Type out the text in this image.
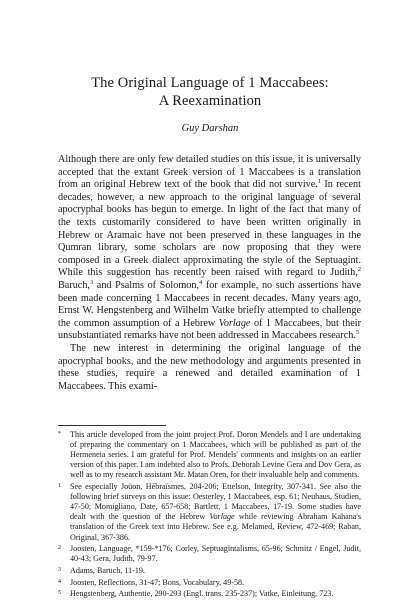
The Original Language of 1 Maccabees:
A Reexamination
Guy Darshan

Although there are only few detailed studies on this issue, it is universally accepted that the extant Greek version of 1 Maccabees is a translation from an original Hebrew text of the book that did not survive.$^1$ In recent decades, however, a new approach to the original language of several apocryphal books has begun to emerge. In light of the fact that many of the texts customarily considered to have been written originally in Hebrew or Aramaic have not been preserved in these languages in the Qumran library, some scholars are now proposing that they were composed in a Greek dialect approximating the style of the Septuagint. While this suggestion has recently been raised with regard to Judith,$^2$ Baruch,$^3$ and Psalms of Solomon,$^4$ for example, no such assertions have been made concerning 1 Maccabees in recent decades. Many years ago, Ernst W. Hengstenberg and Wilhelm Vatke briefly attempted to challenge the common assumption of a Hebrew Vorlage of 1 Maccabees, but their unsubstantiated remarks have not been addressed in Maccabees research.$^5$

The new interest in determining the original language of the apocryphal books, and the new methodology and arguments presented in these studies, require a renewed and detailed examination of 1 Maccabees. This exami-

* This article developed from the joint project Prof. Doron Mendels and I are undertaking of preparing the commentary on 1 Maccabees, which will be published as part of the Hermeneia series. I am grateful for Prof. Mendels' comments and insights on an earlier version of this paper. I am indebted also to Profs. Deborah Levine Gera and Dov Gera, as well as to my research assistant Mr. Matan Oren, for their invaluable help and comments.
1 See especially Joüon, Hébraïsmes, 204-206; Ettelson, Integrity, 307-341. See also the following brief surveys on this issue: Oesterley, 1 Maccabees, esp. 61; Neuhaus, Studien, 47-50; Momigliano, Date, 657-658; Bartlett, 1 Maccabees, 17-19. Some studies have dealt with the question of the Hebrew Vorlage while reviewing Abraham Kahana's translation of the Greek text into Hebrew. See e.g. Melamed, Review, 472-469; Raban, Original, 367-386.
2 Joosten, Language, *159-*176; Corley, Septuagintalisms, 65-96; Schmitz / Engel, Judit, 40-43; Gera, Judith, 79-97.
3 Adams, Baruch, 11-19.
4 Joosten, Reflections, 31-47; Bons, Vocabulary, 49-58.
5 Hengstenberg, Authentie, 290-293 (Engl. trans. 235-237); Vatke, Einleitung, 723.
